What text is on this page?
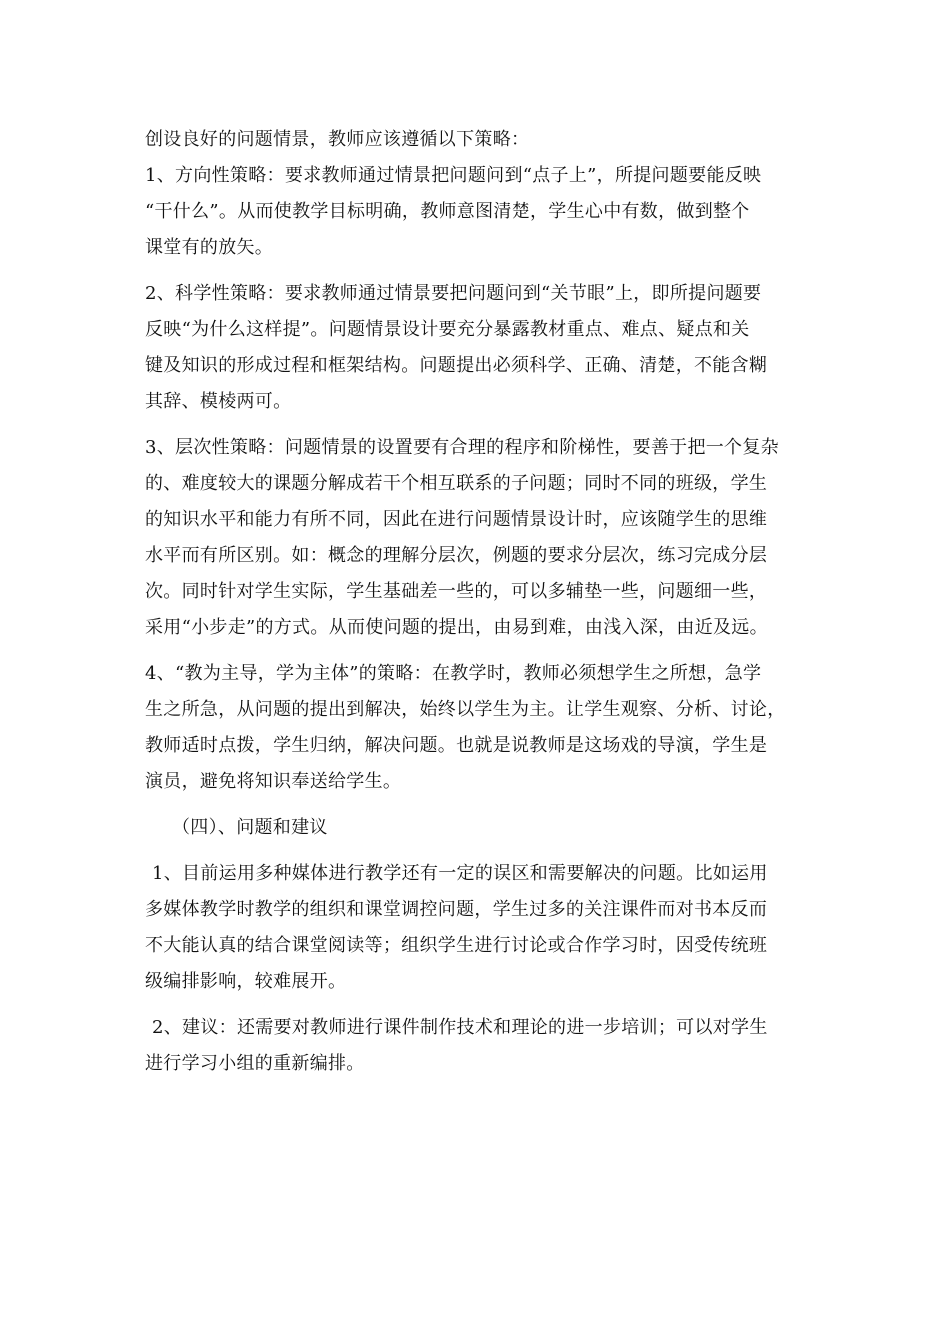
创设良好的问题情景，教师应该遵循以下策略：
1、方向性策略：要求教师通过情景把问题问到“点子上”，所提问题要能反映
“干什么”。从而使教学目标明确，教师意图清楚，学生心中有数，做到整个
课堂有的放矢。
2、科学性策略：要求教师通过情景要把问题问到“关节眼”上，即所提问题要
反映“为什么这样提”。问题情景设计要充分暴露教材重点、难点、疑点和关
键及知识的形成过程和框架结构。问题提出必须科学、正确、清楚，不能含糊
其辞、模棱两可。
3、层次性策略：问题情景的设置要有合理的程序和阶梯性，要善于把一个复杂
的、难度较大的课题分解成若干个相互联系的子问题；同时不同的班级，学生
的知识水平和能力有所不同，因此在进行问题情景设计时，应该随学生的思维
水平而有所区别。如：概念的理解分层次，例题的要求分层次，练习完成分层
次。同时针对学生实际，学生基础差一些的，可以多辅垫一些，问题细一些，
采用“小步走”的方式。从而使问题的提出，由易到难，由浅入深，由近及远。
4、“教为主导，学为主体”的策略：在教学时，教师必须想学生之所想，急学
生之所急，从问题的提出到解决，始终以学生为主。让学生观察、分析、讨论，
教师适时点拨，学生归纳，解决问题。也就是说教师是这场戏的导演，学生是
演员，避免将知识奉送给学生。
（四）、问题和建议
1、目前运用多种媒体进行教学还有一定的误区和需要解决的问题。比如运用
多媒体教学时教学的组织和课堂调控问题，学生过多的关注课件而对书本反而
不大能认真的结合课堂阅读等；组织学生进行讨论或合作学习时，因受传统班
级编排影响，较难展开。
2、建议：还需要对教师进行课件制作技术和理论的进一步培训；可以对学生
进行学习小组的重新编排。
